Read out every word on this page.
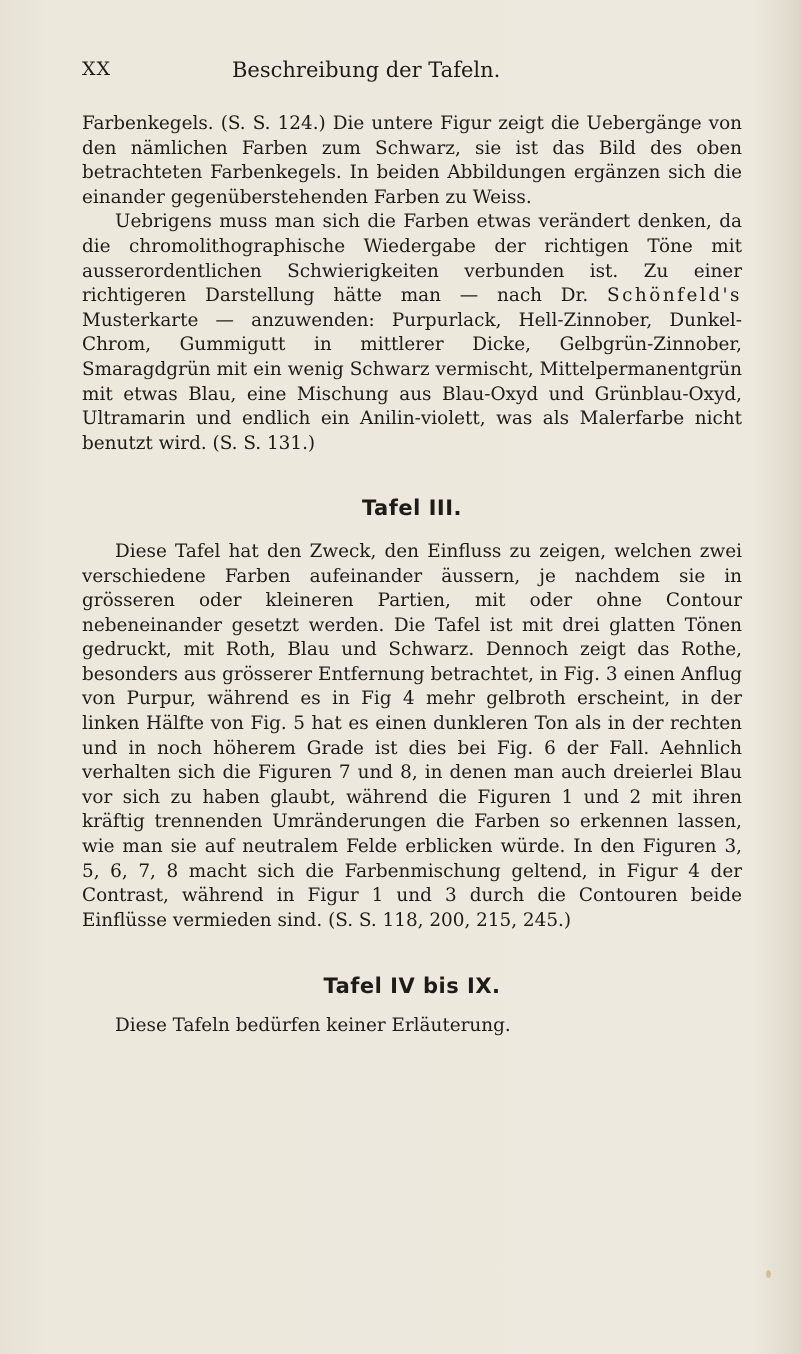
XX	Beschreibung der Tafeln.

Farbenkegels. (S. S. 124.) Die untere Figur zeigt die Uebergänge von den nämlichen Farben zum Schwarz, sie ist das Bild des oben betrachteten Farbenkegels. In beiden Abbildungen ergänzen sich die einander gegenüberstehenden Farben zu Weiss.

Uebrigens muss man sich die Farben etwas verändert denken, da die chromolithographische Wiedergabe der richtigen Töne mit ausserordentlichen Schwierigkeiten verbunden ist. Zu einer richtigeren Darstellung hätte man — nach Dr. Schönfeld's Musterkarte — anzuwenden: Purpurlack, Hell-Zinnober, Dunkel-Chrom, Gummigutt in mittlerer Dicke, Gelbgrün-Zinnober, Smaragdgrün mit ein wenig Schwarz vermischt, Mittelpermanentgrün mit etwas Blau, eine Mischung aus Blau-Oxyd und Grünblau-Oxyd, Ultramarin und endlich ein Anilin-violett, was als Malerfarbe nicht benutzt wird. (S. S. 131.)

Tafel III.

Diese Tafel hat den Zweck, den Einfluss zu zeigen, welchen zwei verschiedene Farben aufeinander äussern, je nachdem sie in grösseren oder kleineren Partien, mit oder ohne Contour nebeneinander gesetzt werden. Die Tafel ist mit drei glatten Tönen gedruckt, mit Roth, Blau und Schwarz. Dennoch zeigt das Rothe, besonders aus grösserer Entfernung betrachtet, in Fig. 3 einen Anflug von Purpur, während es in Fig 4 mehr gelbroth erscheint, in der linken Hälfte von Fig. 5 hat es einen dunkleren Ton als in der rechten und in noch höherem Grade ist dies bei Fig. 6 der Fall. Aehnlich verhalten sich die Figuren 7 und 8, in denen man auch dreierlei Blau vor sich zu haben glaubt, während die Figuren 1 und 2 mit ihren kräftig trennenden Umränderungen die Farben so erkennen lassen, wie man sie auf neutralem Felde erblicken würde. In den Figuren 3, 5, 6, 7, 8 macht sich die Farbenmischung geltend, in Figur 4 der Contrast, während in Figur 1 und 3 durch die Contouren beide Einflüsse vermieden sind. (S. S. 118, 200, 215, 245.)

Tafel IV bis IX.

Diese Tafeln bedürfen keiner Erläuterung.
